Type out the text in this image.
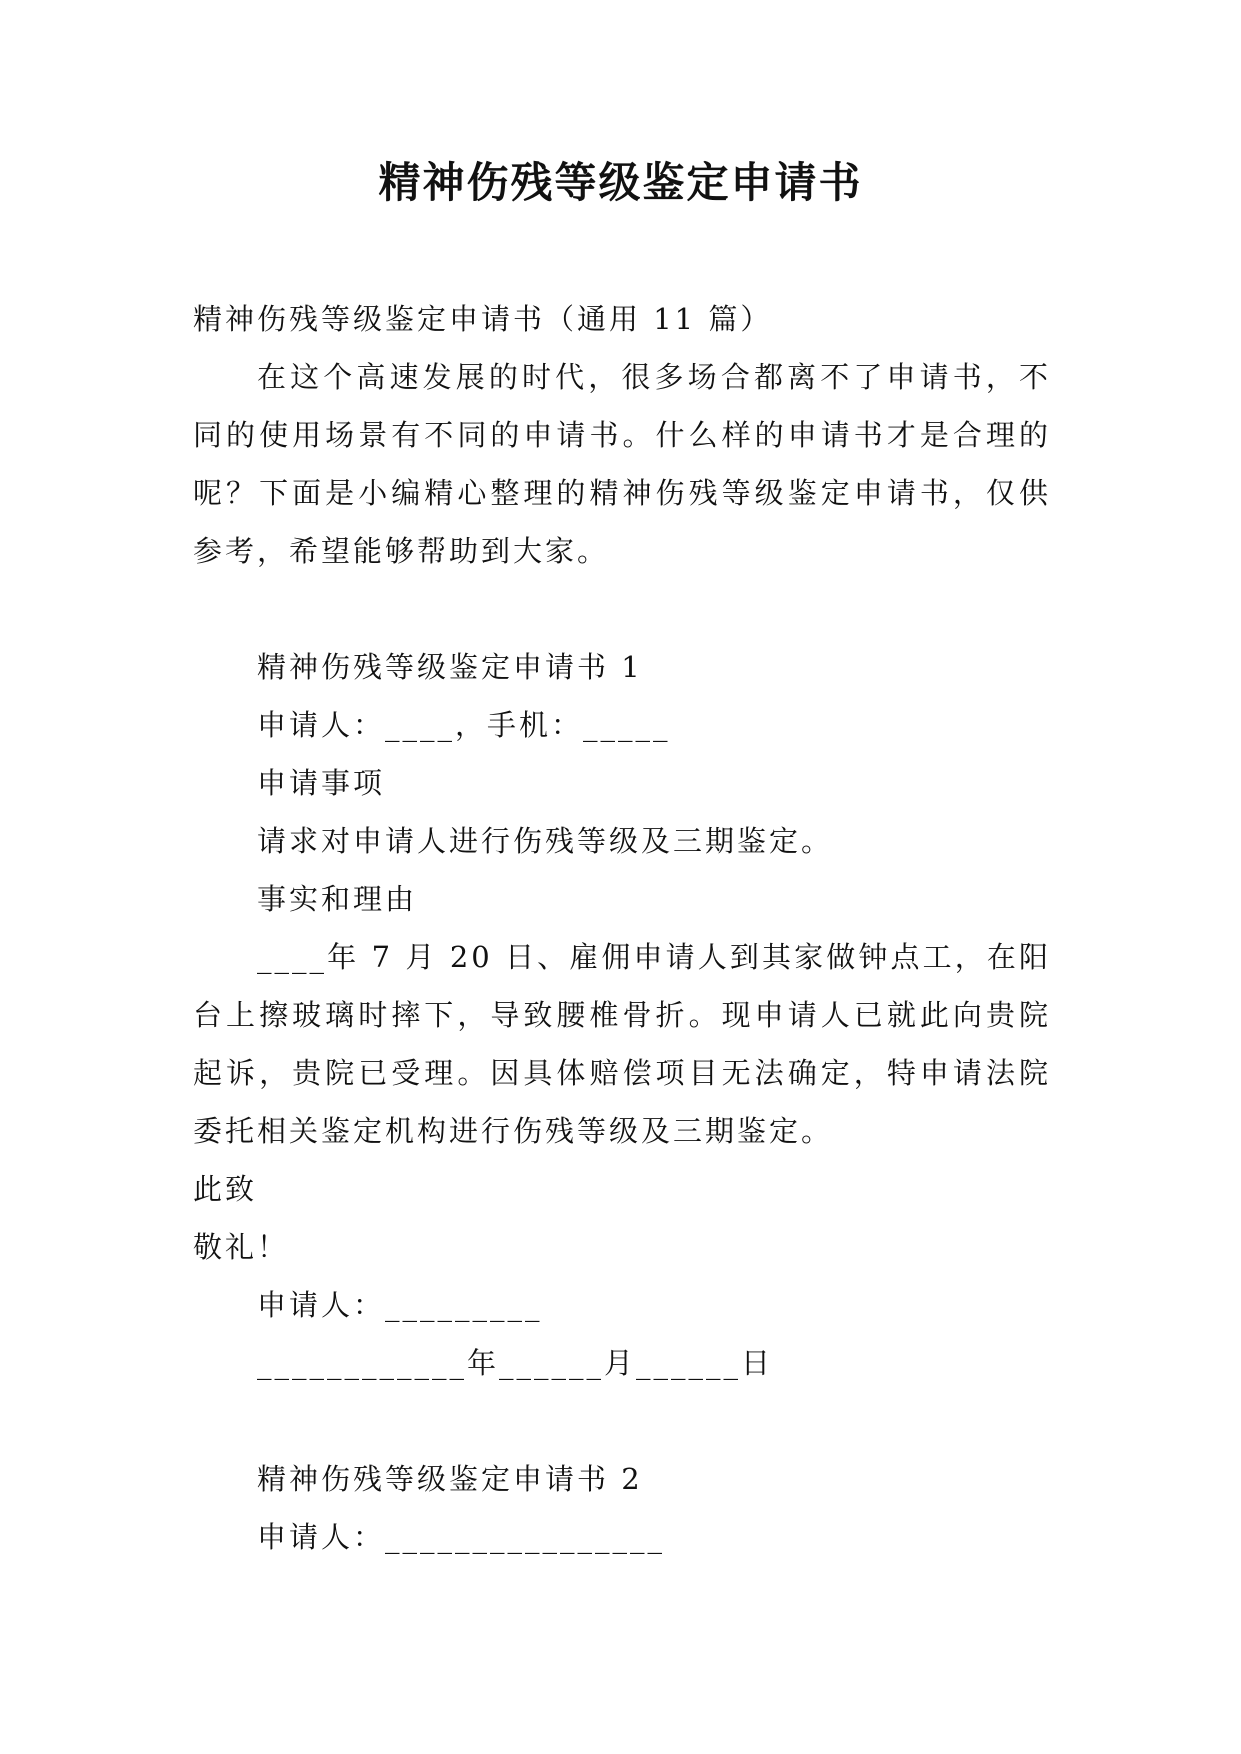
精神伤残等级鉴定申请书
精神伤残等级鉴定申请书（通用 11 篇）
在这个高速发展的时代，很多场合都离不了申请书，不同的使用场景有不同的申请书。什么样的申请书才是合理的呢？下面是小编精心整理的精神伤残等级鉴定申请书，仅供参考，希望能够帮助到大家。
精神伤残等级鉴定申请书 1
申请人：____，手机：_____
申请事项
请求对申请人进行伤残等级及三期鉴定。
事实和理由
____年 7 月 20 日、雇佣申请人到其家做钟点工，在阳台上擦玻璃时摔下，导致腰椎骨折。现申请人已就此向贵院起诉，贵院已受理。因具体赔偿项目无法确定，特申请法院委托相关鉴定机构进行伤残等级及三期鉴定。
此致
敬礼！
申请人：_________
____________年______月______日
精神伤残等级鉴定申请书 2
申请人：________________
